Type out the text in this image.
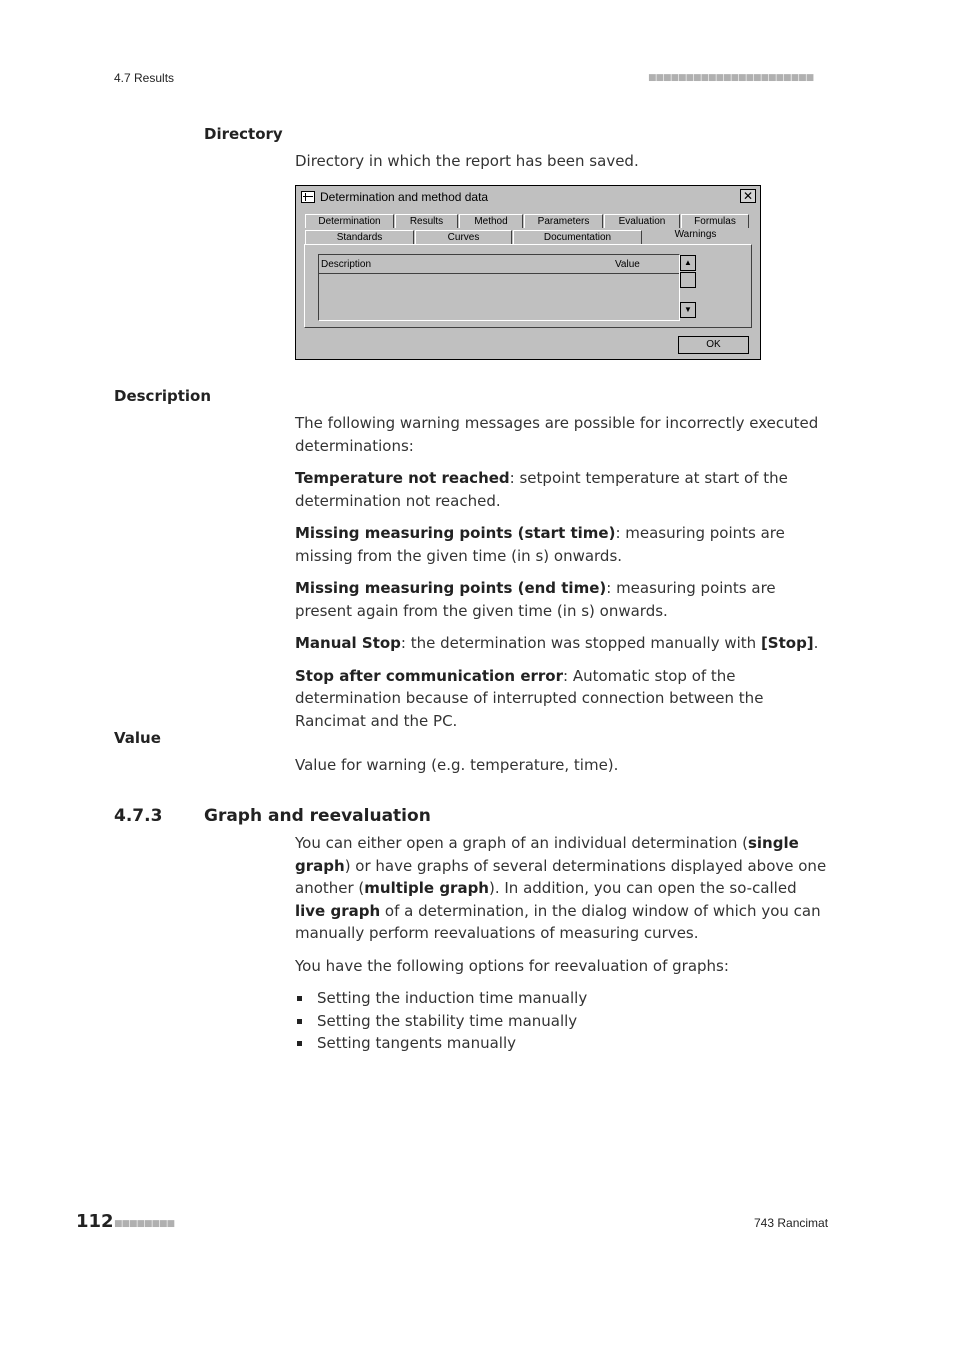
4.7 Results	■■■■■■■■■■■■■■■■■■■■■■
Directory
Directory in which the report has been saved.
Determination and method data	✕
Determination	Results	Method	Parameters	Evaluation	Formulas
Standards	Curves	Documentation	Warnings
Description	Value	▲
▼
OK
Description

The following warning messages are possible for incorrectly executed determinations:

Temperature not reached: setpoint temperature at start of the determination not reached.

Missing measuring points (start time): measuring points are missing from the given time (in s) onwards.

Missing measuring points (end time): measuring points are present again from the given time (in s) onwards.

Manual Stop: the determination was stopped manually with [Stop].

Stop after communication error: Automatic stop of the determination because of interrupted connection between the Rancimat and the PC.

Value
Value for warning (e.g. temperature, time).
4.7.3 Graph and reevaluation

You can either open a graph of an individual determination (single graph) or have graphs of several determinations displayed above one another (multiple graph). In addition, you can open the so-called live graph of a determination, in the dialog window of which you can manually perform reevaluations of measuring curves.

You have the following options for reevaluation of graphs:

Setting the induction time manually
Setting the stability time manually
Setting tangents manually
112 ■■■■■■■■	743 Rancimat
